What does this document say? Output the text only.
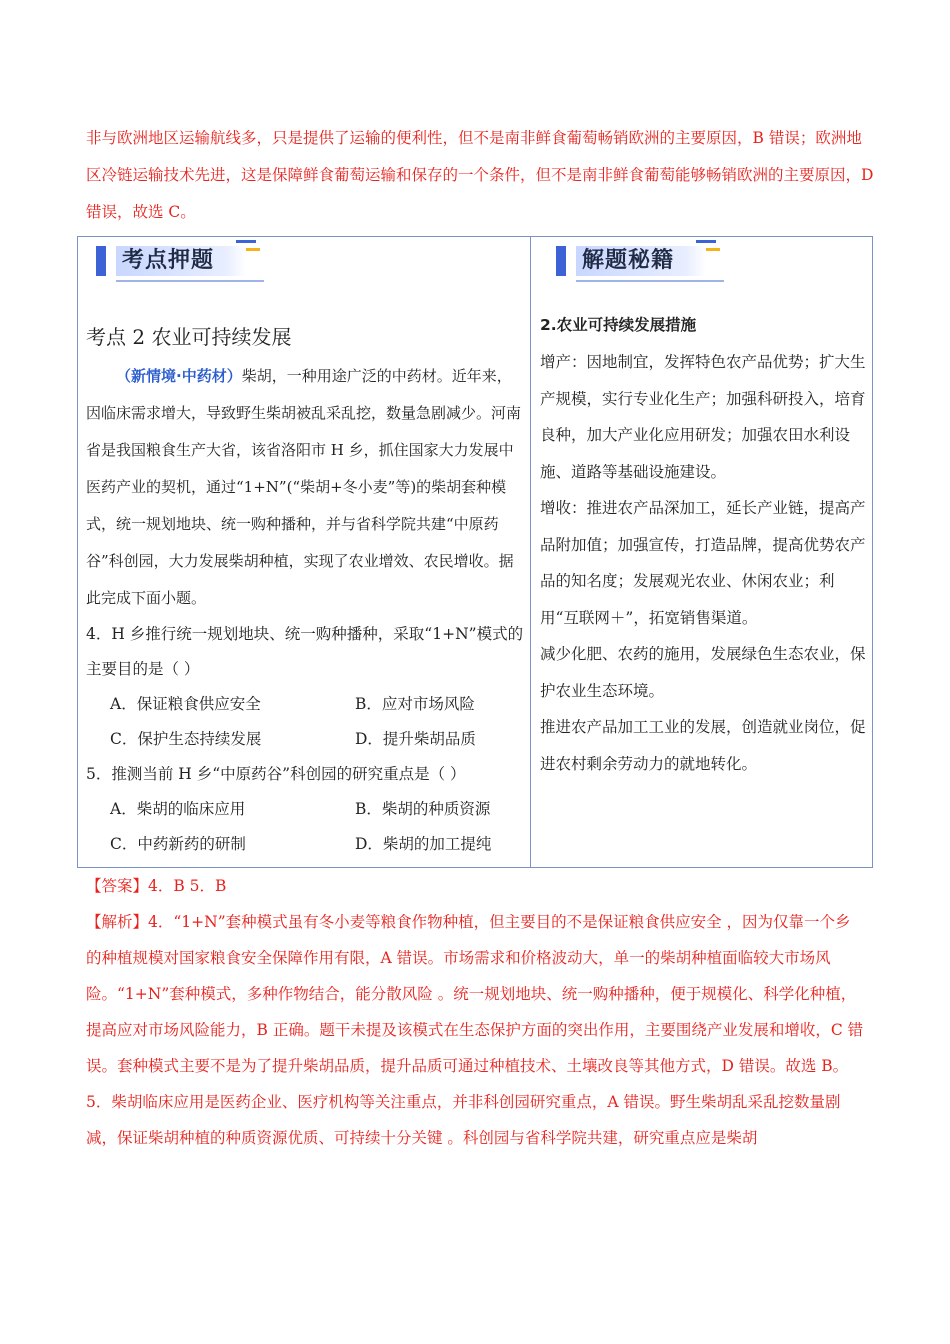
非与欧洲地区运输航线多，只是提供了运输的便利性，但不是南非鲜食葡萄畅销欧洲的主要原因，B 错误；欧洲地区冷链运输技术先进，这是保障鲜食葡萄运输和保存的一个条件，但不是南非鲜食葡萄能够畅销欧洲的主要原因，D 错误，故选 C。

考点押题	解题秘籍

考点 2 农业可持续发展

（新情境·中药材）柴胡，一种用途广泛的中药材。近年来，因临床需求增大，导致野生柴胡被乱采乱挖，数量急剧减少。河南省是我国粮食生产大省，该省洛阳市 H 乡，抓住国家大力发展中医药产业的契机，通过“1+N”(“柴胡+冬小麦”等)的柴胡套种模式，统一规划地块、统一购种播种，并与省科学院共建“中原药谷”科创园，大力发展柴胡种植，实现了农业增效、农民增收。据此完成下面小题。

4．H 乡推行统一规划地块、统一购种播种，采取“1+N”模式的主要目的是（ ）

A．保证粮食供应安全	B．应对市场风险
C．保护生态持续发展	D．提升柴胡品质

5．推测当前 H 乡“中原药谷”科创园的研究重点是（ ）

A．柴胡的临床应用	B．柴胡的种质资源
C．中药新药的研制	D．柴胡的加工提纯

2.农业可持续发展措施

增产：因地制宜，发挥特色农产品优势；扩大生产规模，实行专业化生产；加强科研投入，培育良种，加大产业化应用研发；加强农田水利设施、道路等基础设施建设。

增收：推进农产品深加工，延长产业链，提高产品附加值；加强宣传，打造品牌，提高优势农产品的知名度；发展观光农业、休闲农业；利用“互联网＋”，拓宽销售渠道。

减少化肥、农药的施用，发展绿色生态农业，保护农业生态环境。

推进农产品加工工业的发展，创造就业岗位，促进农村剩余劳动力的就地转化。

【答案】4．B 5．B

【解析】4．“1+N”套种模式虽有冬小麦等粮食作物种植，但主要目的不是保证粮食供应安全 ，因为仅靠一个乡的种植规模对国家粮食安全保障作用有限，A 错误。市场需求和价格波动大，单一的柴胡种植面临较大市场风险。“1+N”套种模式，多种作物结合，能分散风险 。统一规划地块、统一购种播种，便于规模化、科学化种植，提高应对市场风险能力，B 正确。题干未提及该模式在生态保护方面的突出作用，主要围绕产业发展和增收，C 错误。套种模式主要不是为了提升柴胡品质，提升品质可通过种植技术、土壤改良等其他方式，D 错误。故选 B。

5．柴胡临床应用是医药企业、医疗机构等关注重点，并非科创园研究重点，A 错误。野生柴胡乱采乱挖数量剧减，保证柴胡种植的种质资源优质、可持续十分关键 。科创园与省科学院共建，研究重点应是柴胡
